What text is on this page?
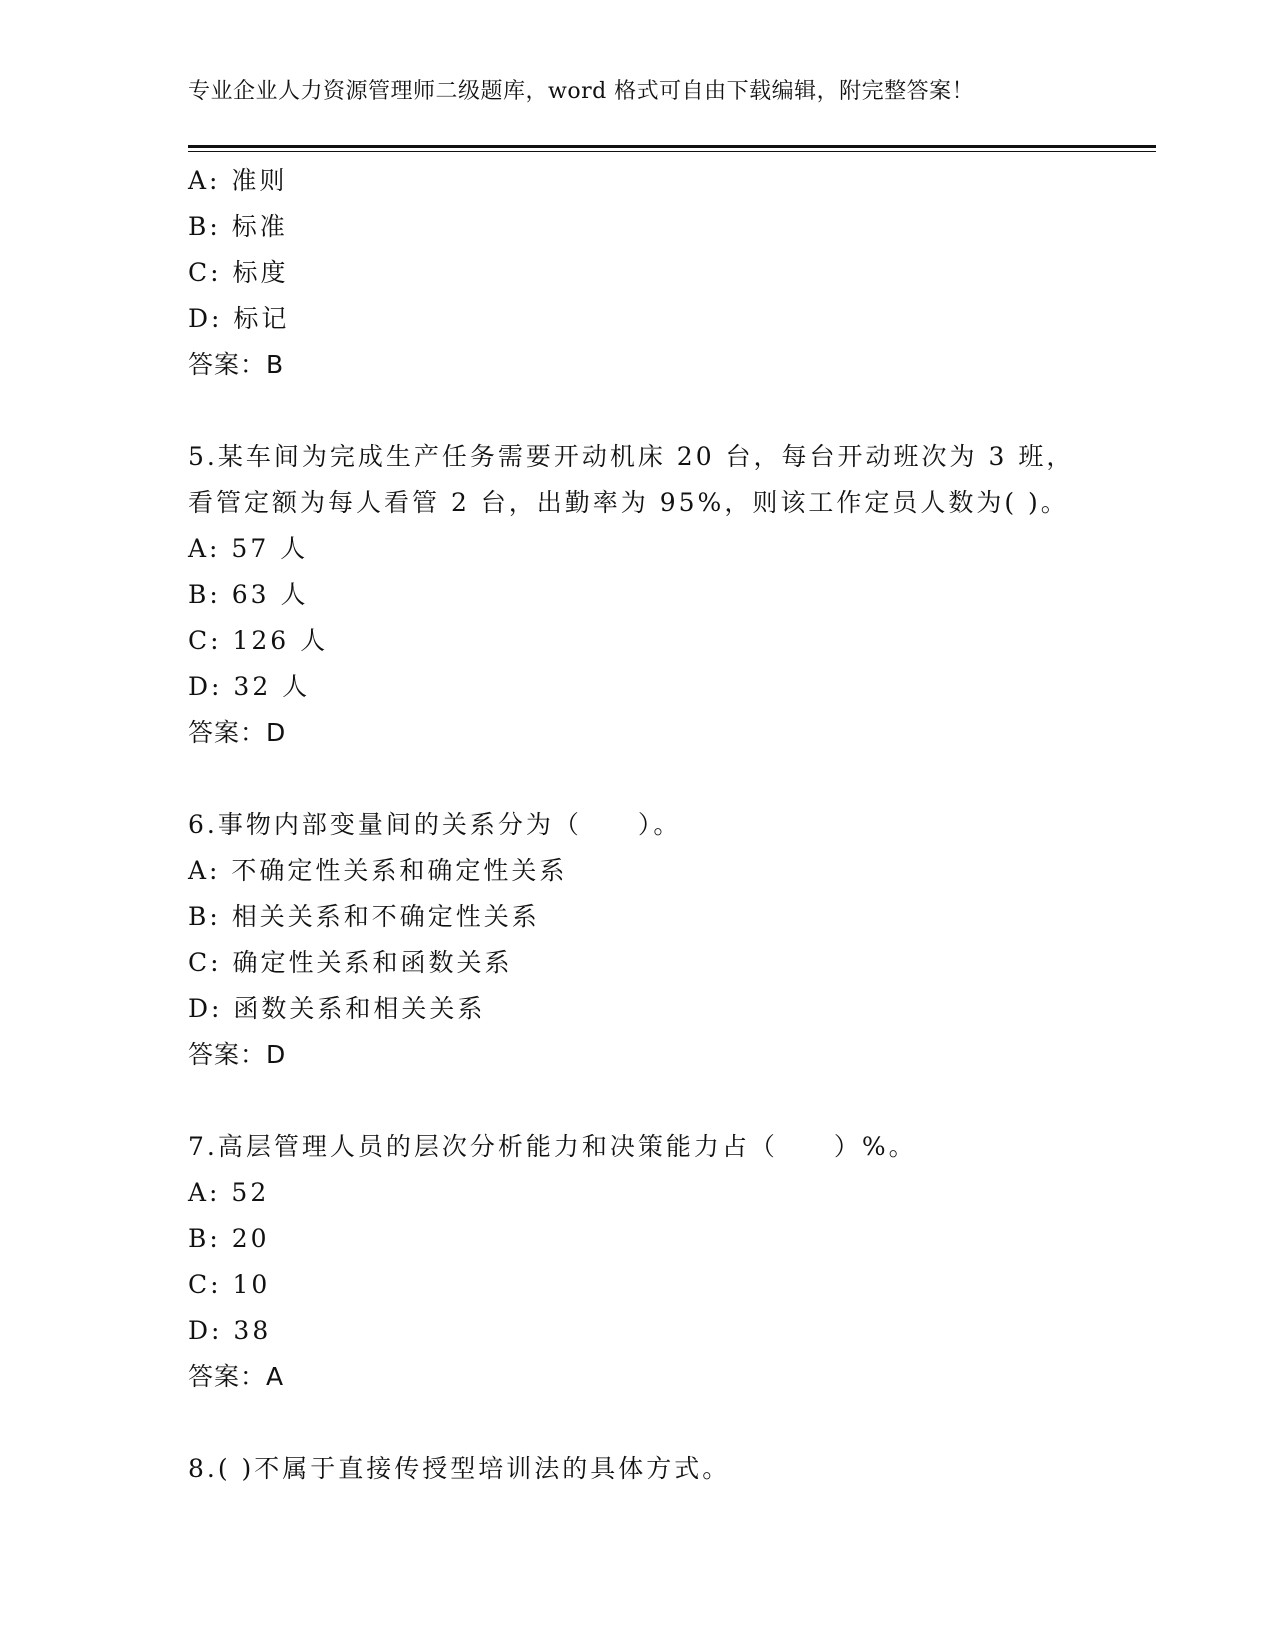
专业企业人力资源管理师二级题库，word 格式可自由下载编辑，附完整答案！
A: 准则
B: 标准
C: 标度
D: 标记
答案：B
5.某车间为完成生产任务需要开动机床 20 台，每台开动班次为 3 班，
看管定额为每人看管 2 台，出勤率为 95%，则该工作定员人数为( )。
A: 57 人
B: 63 人
C: 126 人
D: 32 人
答案：D
6.事物内部变量间的关系分为（　　）。
A: 不确定性关系和确定性关系
B: 相关关系和不确定性关系
C: 确定性关系和函数关系
D: 函数关系和相关关系
答案：D
7.高层管理人员的层次分析能力和决策能力占（　　）%。
A: 52
B: 20
C: 10
D: 38
答案：A
8.( )不属于直接传授型培训法的具体方式。
